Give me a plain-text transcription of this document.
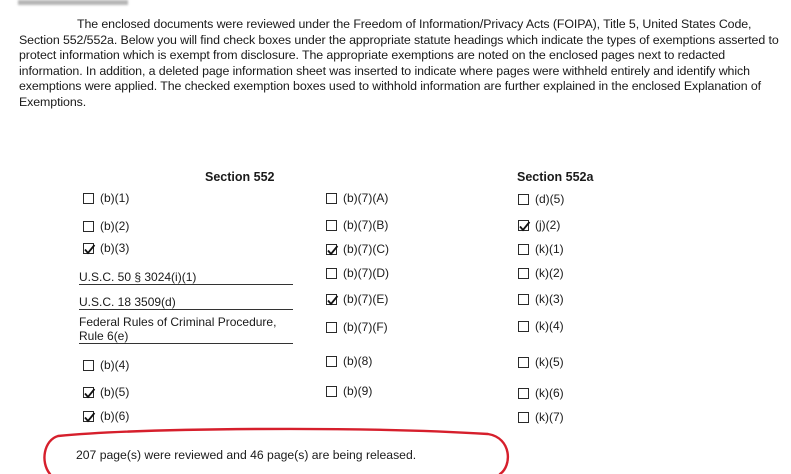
The enclosed documents were reviewed under the Freedom of Information/Privacy Acts (FOIPA), Title 5, United States Code, Section 552/552a. Below you will find check boxes under the appropriate statute headings which indicate the types of exemptions asserted to protect information which is exempt from disclosure. The appropriate exemptions are noted on the enclosed pages next to redacted information. In addition, a deleted page information sheet was inserted to indicate where pages were withheld entirely and identify which exemptions were applied. The checked exemption boxes used to withhold information are further explained in the enclosed Explanation of Exemptions.

Section 552	Section 552a
(b)(1)
(b)(2)
(b)(3)
U.S.C. 50 § 3024(i)(1)
U.S.C. 18 3509(d)
Federal Rules of Criminal Procedure, Rule 6(e)
(b)(4)
(b)(5)
(b)(6)
(b)(7)(A)
(b)(7)(B)
(b)(7)(C)
(b)(7)(D)
(b)(7)(E)
(b)(7)(F)
(b)(8)
(b)(9)
(d)(5)
(j)(2)
(k)(1)
(k)(2)
(k)(3)
(k)(4)
(k)(5)
(k)(6)
(k)(7)
207 page(s) were reviewed and 46 page(s) are being released.
